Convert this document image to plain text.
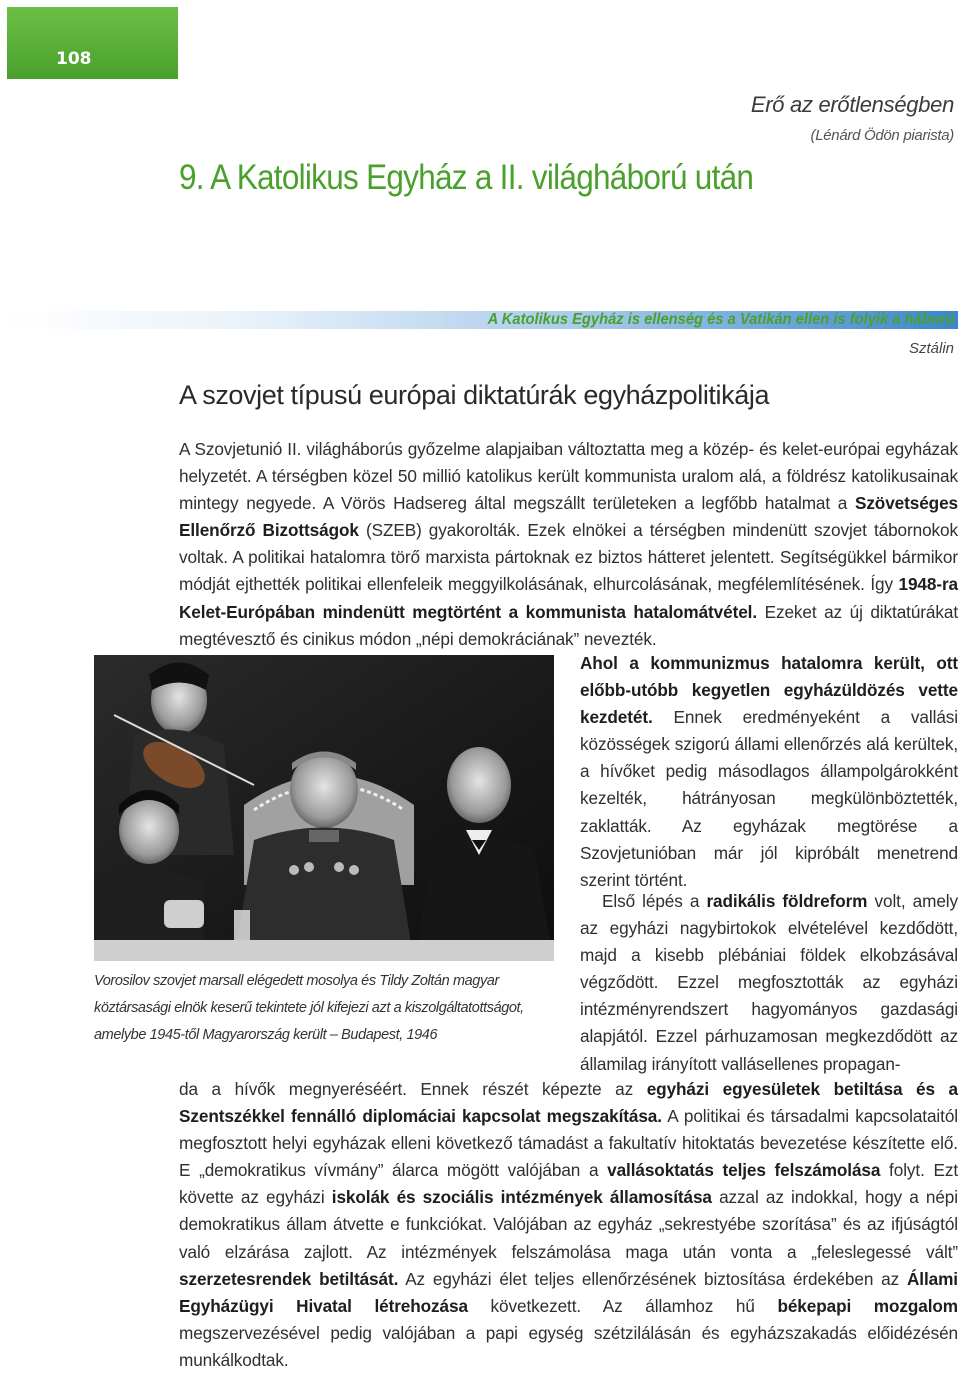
108
Erő az erőtlenségben
(Lénárd Ödön piarista)
9. A Katolikus Egyház a II. világháború után
A Katolikus Egyház is ellenség és a Vatikán ellen is folyik a háború
Sztálin
A szovjet típusú európai diktatúrák egyházpolitikája

A Szovjetunió II. világháborús győzelme alapjaiban változtatta meg a közép- és kelet-európai egyházak helyzetét. A térségben közel 50 millió katolikus került kommunista uralom alá, a földrész katolikusainak mintegy negyede. A Vörös Hadsereg által megszállt területeken a legfőbb hatalmat a Szövetséges Ellenőrző Bizottságok (SZEB) gyakorolták. Ezek elnökei a térségben mindenütt szovjet tábornokok voltak. A politikai hatalomra törő marxista pártoknak ez biztos hátteret jelentett. Segítségükkel bármikor módját ejthették politikai ellenfeleik meggyilkolásának, elhurcolásának, megfélemlítésének. Így 1948-ra Kelet-Európában mindenütt megtörtént a kommunista hatalomátvétel. Ezeket az új diktatúrákat megtévesztő és cinikus módon „népi demokráciának” nevezték.

Ahol a kommunizmus hatalomra került, ott előbb-utóbb kegyetlen egyházüldözés vette kezdetét. Ennek eredményeként a vallási közösségek szigorú állami ellenőrzés alá kerültek, a hívőket pedig másodlagos állampolgárokként kezelték, hátrányosan megkülönböztették, zaklatták. Az egyházak megtörése a Szovjetunióban már jól kipróbált menetrend szerint történt.

Első lépés a radikális földreform volt, amely az egyházi nagybirtokok elvételével kezdődött, majd a kisebb plébániai földek elkobzásával végződött. Ezzel megfosztották az egyházi intézményrendszert hagyományos gazdasági alapjától. Ezzel párhuzamosan megkezdődött az államilag irányított vallásellenes propagan-

Vorosilov szovjet marsall elégedett mosolya és Tildy Zoltán magyar köztársasági elnök keserű tekintete jól kifejezi azt a kiszolgáltatottságot, amelybe 1945-től Magyarország került – Budapest, 1946

da a hívők megnyeréséért. Ennek részét képezte az egyházi egyesületek betiltása és a Szentszékkel fennálló diplomáciai kapcsolat megszakítása. A politikai és társadalmi kapcsolataitól megfosztott helyi egyházak elleni következő támadást a fakultatív hitoktatás bevezetése készítette elő. E „demokratikus vívmány” álarca mögött valójában a vallásoktatás teljes felszámolása folyt. Ezt követte az egyházi iskolák és szociális intézmények államosítása azzal az indokkal, hogy a népi demokratikus állam átvette e funkciókat. Valójában az egyház „sekrestyébe szorítása” és az ifjúságtól való elzárása zajlott. Az intézmények felszámolása maga után vonta a „feleslegessé vált” szerzetesrendek betiltását. Az egyházi élet teljes ellenőrzésének biztosítása érdekében az Állami Egyházügyi Hivatal létrehozása következett. Az államhoz hű békepapi mozgalom megszervezésével pedig valójában a papi egység szétzilálásán és egyházszakadás előidézésén munkálkodtak.
